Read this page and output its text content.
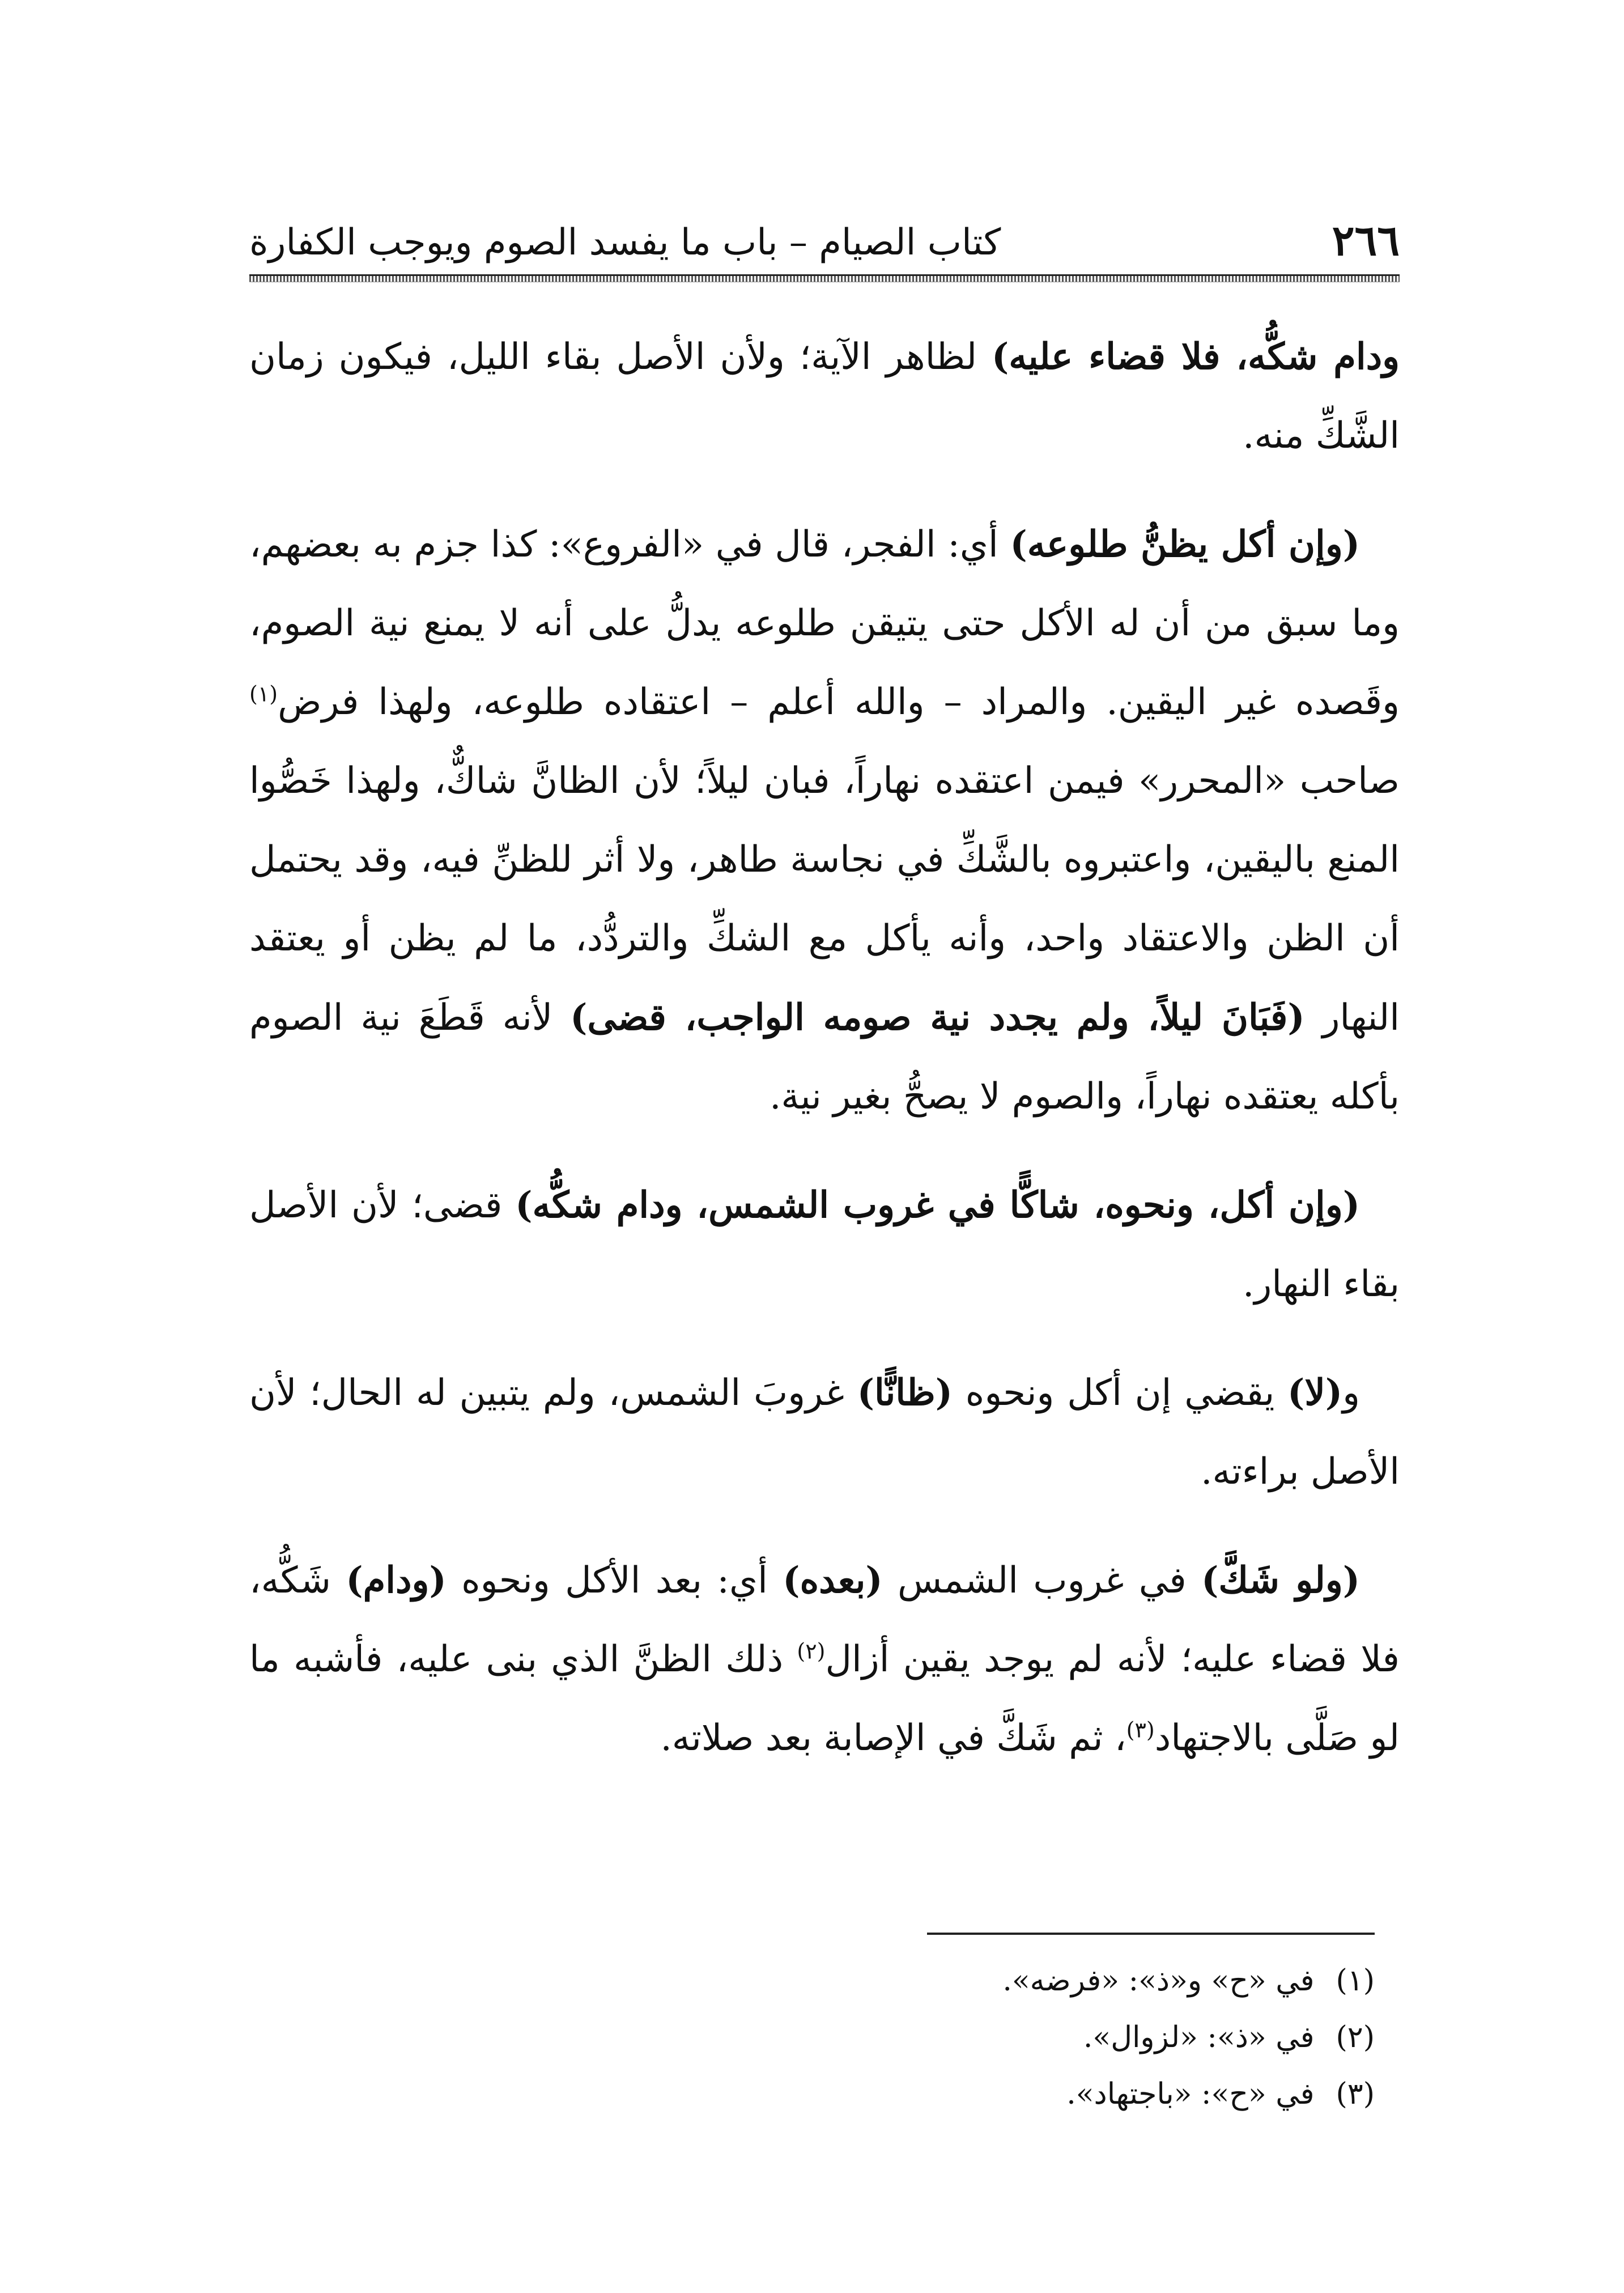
٢٦٦
كتاب الصيام – باب ما يفسد الصوم ويوجب الكفارة

ودام شكُّه، فلا قضاء عليه) لظاهر الآية؛ ولأن الأصل بقاء الليل، فيكون زمان الشَّكِّ منه.

(وإن أكل يظنُّ طلوعه) أي: الفجر، قال في «الفروع»: كذا جزم به بعضهم، وما سبق من أن له الأكل حتى يتيقن طلوعه يدلُّ على أنه لا يمنع نية الصوم، وقَصده غير اليقين. والمراد – والله أعلم – اعتقاده طلوعه، ولهذا فرض$^{(١)}$ صاحب «المحرر» فيمن اعتقده نهاراً، فبان ليلاً؛ لأن الظانَّ شاكٌّ، ولهذا خَصُّوا المنع باليقين، واعتبروه بالشَّكِّ في نجاسة طاهر، ولا أثر للظنِّ فيه، وقد يحتمل أن الظن والاعتقاد واحد، وأنه يأكل مع الشكِّ والتردُّد، ما لم يظن أو يعتقد النهار (فَبَانَ ليلاً، ولم يجدد نية صومه الواجب، قضى) لأنه قَطَعَ نية الصوم بأكله يعتقده نهاراً، والصوم لا يصحُّ بغير نية.

(وإن أكل، ونحوه، شاكًّا في غروب الشمس، ودام شكُّه) قضى؛ لأن الأصل بقاء النهار.

و(لا) يقضي إن أكل ونحوه (ظانًّا) غروبَ الشمس، ولم يتبين له الحال؛ لأن الأصل براءته.

(ولو شَكَّ) في غروب الشمس (بعده) أي: بعد الأكل ونحوه (ودام) شَكُّه، فلا قضاء عليه؛ لأنه لم يوجد يقين أزال$^{(٢)}$ ذلك الظنَّ الذي بنى عليه، فأشبه ما لو صَلَّى بالاجتهاد$^{(٣)}$، ثم شَكَّ في الإصابة بعد صلاته.

(١) في «ح» و«ذ»: «فرضه».

(٢) في «ذ»: «لزوال».

(٣) في «ح»: «باجتهاد».
